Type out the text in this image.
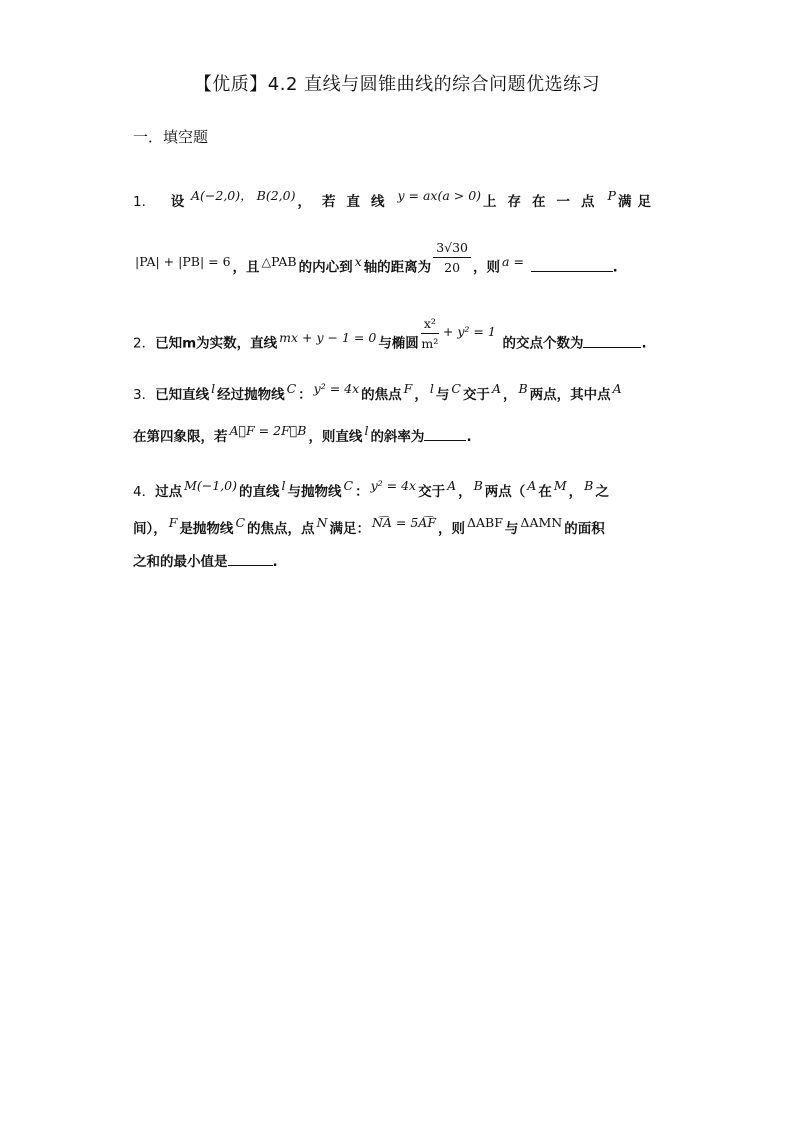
【优质】4.2 直线与圆锥曲线的综合问题优选练习
一．填空题
1． 设 A(−2,0)， B(2,0) ，若直线 y = ax(a > 0) 上存在一点 P 满足
|PA| + |PB| = 6 ，且 △PAB 的内心到 x 轴的距离为 $\frac{3√30}{20}$ ，则 a =	.
2．已知m为实数，直线 mx + y − 1 = 0 与椭圆 $\frac{\text{x²}}{\text{m²}} + y^2 = 1$ 的交点个数为	.
3．已知直线 l 经过抛物线 C ： y² = 4x 的焦点 F ， l 与 C 交于 A ， B 两点，其中点 A
在第四象限，若 A⃗F = 2F⃗B ，则直线 l 的斜率为	.
4．过点 M(−1,0) 的直线 l 与抛物线 C ： y² = 4x 交于 A ， B 两点（ A 在 M ， B 之
间）， F 是抛物线 C 的焦点，点 N 满足： N͡A = 5A͡F ，则 ΔABF 与 ΔAMN 的面积
之和的最小值是	.
